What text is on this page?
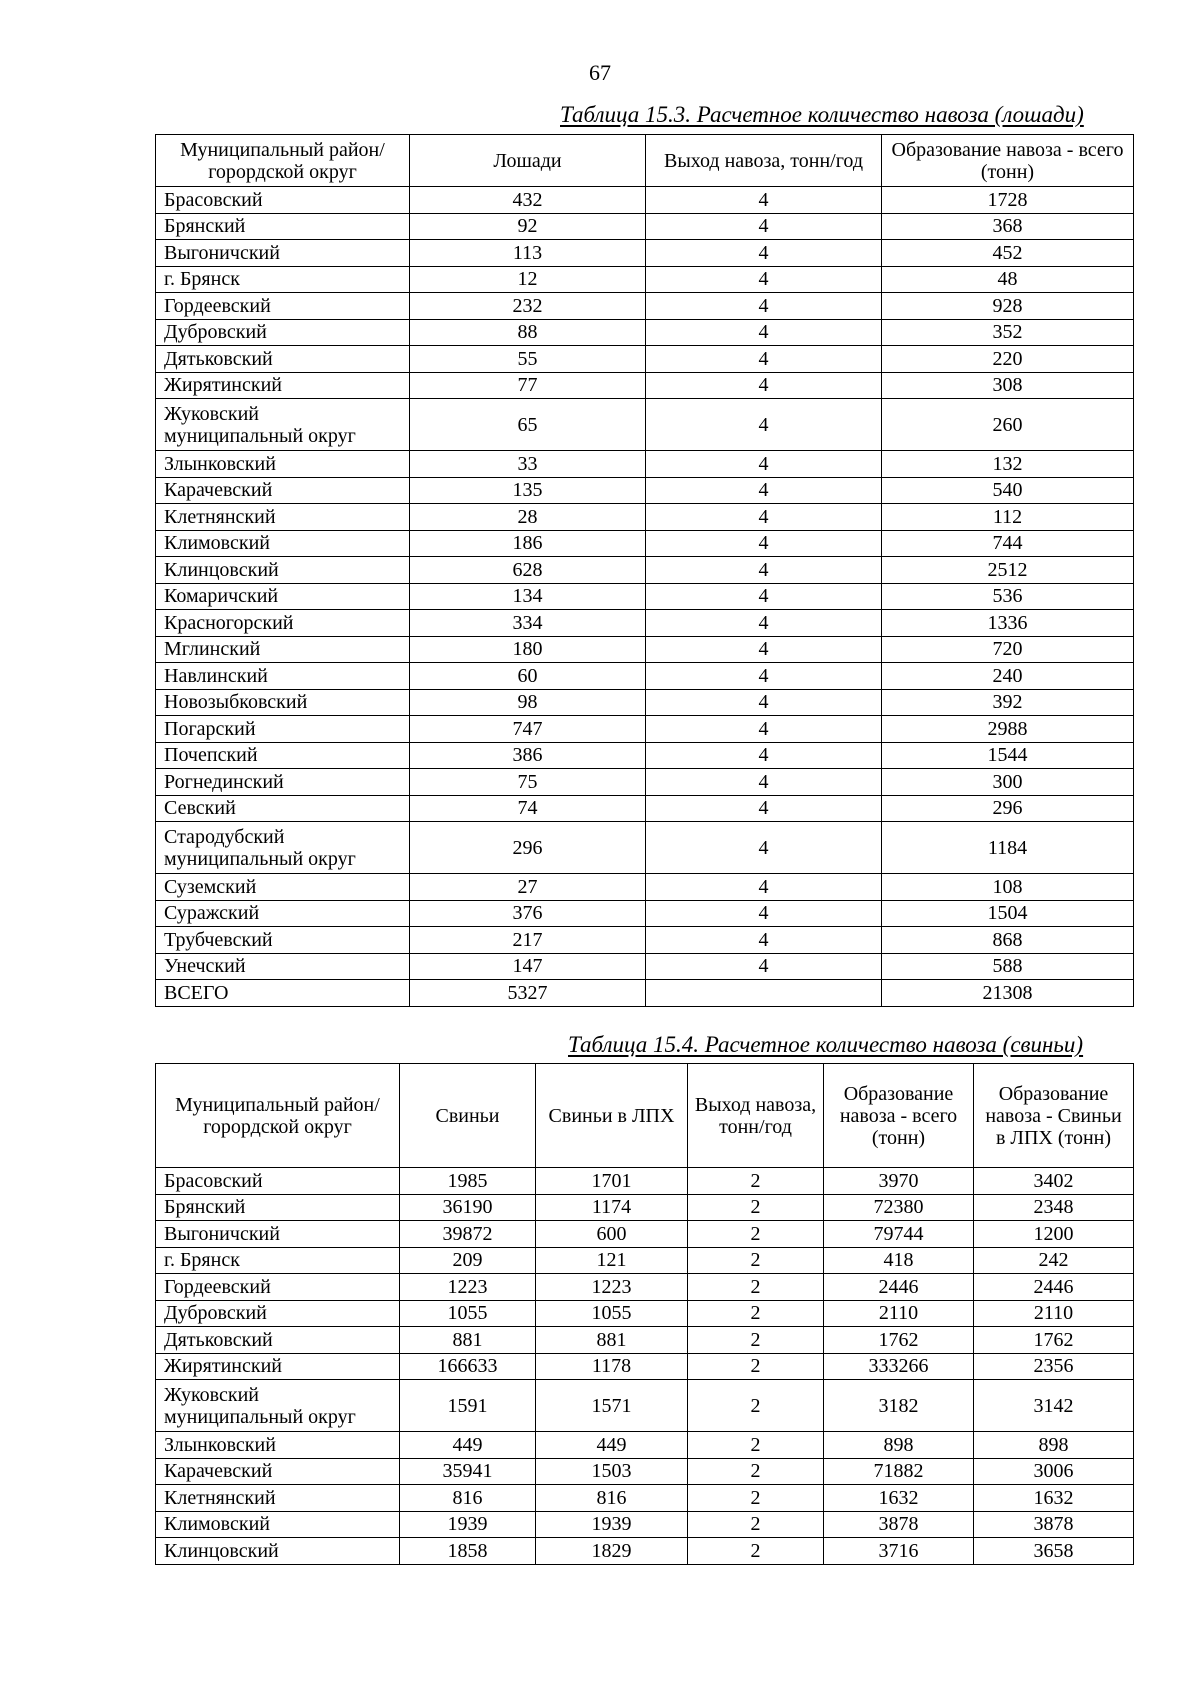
67
Таблица 15.3. Расчетное количество навоза (лошади)
Муниципальный район/горордской округ	Лошади	Выход навоза, тонн/год	Образование навоза - всего (тонн)
Брасовский	432	4	1728
Брянский	92	4	368
Выгоничский	113	4	452
г. Брянск	12	4	48
Гордеевский	232	4	928
Дубровский	88	4	352
Дятьковский	55	4	220
Жирятинский	77	4	308
Жуковский муниципальный округ	65	4	260
Злынковский	33	4	132
Карачевский	135	4	540
Клетнянский	28	4	112
Климовский	186	4	744
Клинцовский	628	4	2512
Комаричский	134	4	536
Красногорский	334	4	1336
Мглинский	180	4	720
Навлинский	60	4	240
Новозыбковский	98	4	392
Погарский	747	4	2988
Почепский	386	4	1544
Рогнединский	75	4	300
Севский	74	4	296
Стародубский муниципальный округ	296	4	1184
Суземский	27	4	108
Суражский	376	4	1504
Трубчевский	217	4	868
Унечский	147	4	588
ВСЕГО	5327		21308
Таблица 15.4. Расчетное количество навоза (свиньи)
Муниципальный район/горордской округ	Свиньи	Свиньи в ЛПХ	Выход навоза, тонн/год	Образование навоза - всего (тонн)	Образование навоза - Свиньи в ЛПХ (тонн)
Брасовский	1985	1701	2	3970	3402
Брянский	36190	1174	2	72380	2348
Выгоничский	39872	600	2	79744	1200
г. Брянск	209	121	2	418	242
Гордеевский	1223	1223	2	2446	2446
Дубровский	1055	1055	2	2110	2110
Дятьковский	881	881	2	1762	1762
Жирятинский	166633	1178	2	333266	2356
Жуковский муниципальный округ	1591	1571	2	3182	3142
Злынковский	449	449	2	898	898
Карачевский	35941	1503	2	71882	3006
Клетнянский	816	816	2	1632	1632
Климовский	1939	1939	2	3878	3878
Клинцовский	1858	1829	2	3716	3658
